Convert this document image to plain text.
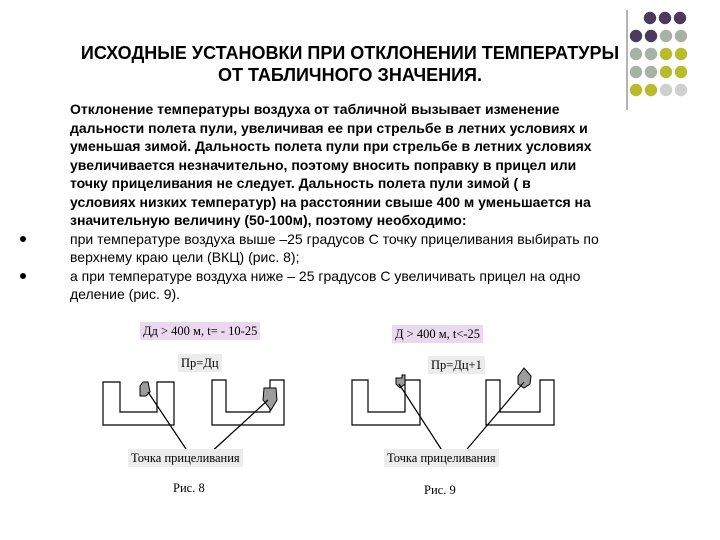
ИСХОДНЫЕ УСТАНОВКИ ПРИ ОТКЛОНЕНИИ ТЕМПЕРАТУРЫ
ОТ ТАБЛИЧНОГО ЗНАЧЕНИЯ.
Отклонение температуры воздуха от табличной вызывает изменение
дальности полета пули, увеличивая ее при стрельбе в летних условиях и
уменьшая зимой. Дальность полета пули при стрельбе в летних условиях
увеличивается незначительно, поэтому вносить поправку в прицел или
точку прицеливания не следует. Дальность полета пули зимой ( в
условиях низких температур) на расстоянии свыше 400 м уменьшается на
значительную величину (50-100м), поэтому необходимо:
при температуре воздуха выше –25 градусов С точку прицеливания выбирать по
верхнему краю цели (ВКЦ) (рис. 8);
а при температуре воздуха ниже – 25 градусов С увеличивать прицел на одно
деление (рис. 9).
Дд > 400 м, t= - 10-25	Д > 400 м, t<-25
Пр=Дц	Пр=Дц+1
Точка прицеливания	Точка прицеливания
Рис. 8	Рис. 9
